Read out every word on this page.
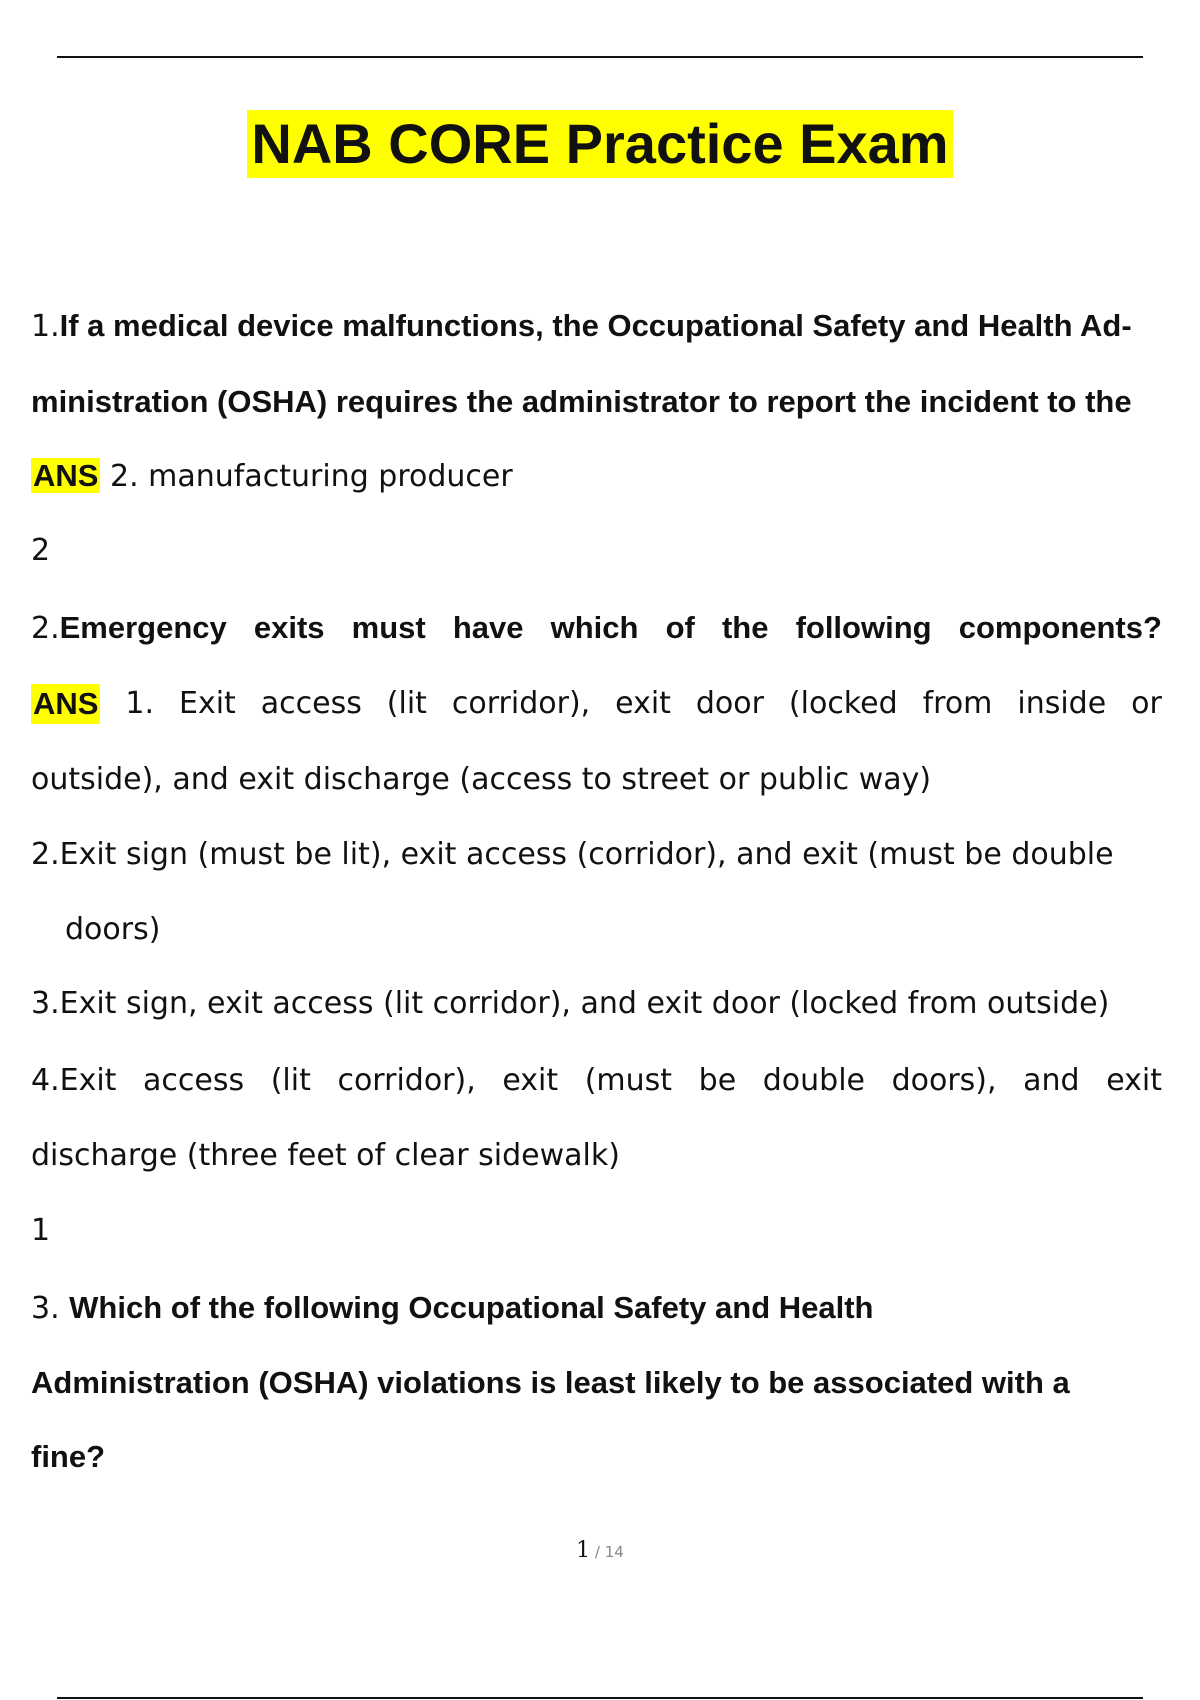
NAB CORE Practice Exam
1.If a medical device malfunctions, the Occupational Safety and Health Ad-
ministration (OSHA) requires the administrator to report the incident to the
ANS 2. manufacturing producer
2
2.Emergency exits must have which of the following components?
ANS 1. Exit access (lit corridor), exit door (locked from inside or
outside), and exit discharge (access to street or public way)
2.Exit sign (must be lit), exit access (corridor), and exit (must be double
doors)
3.Exit sign, exit access (lit corridor), and exit door (locked from outside)
4.Exit access (lit corridor), exit (must be double doors), and exit
discharge (three feet of clear sidewalk)
1
3. Which of the following Occupational Safety and Health
Administration (OSHA) violations is least likely to be associated with a
fine?
1 / 14
